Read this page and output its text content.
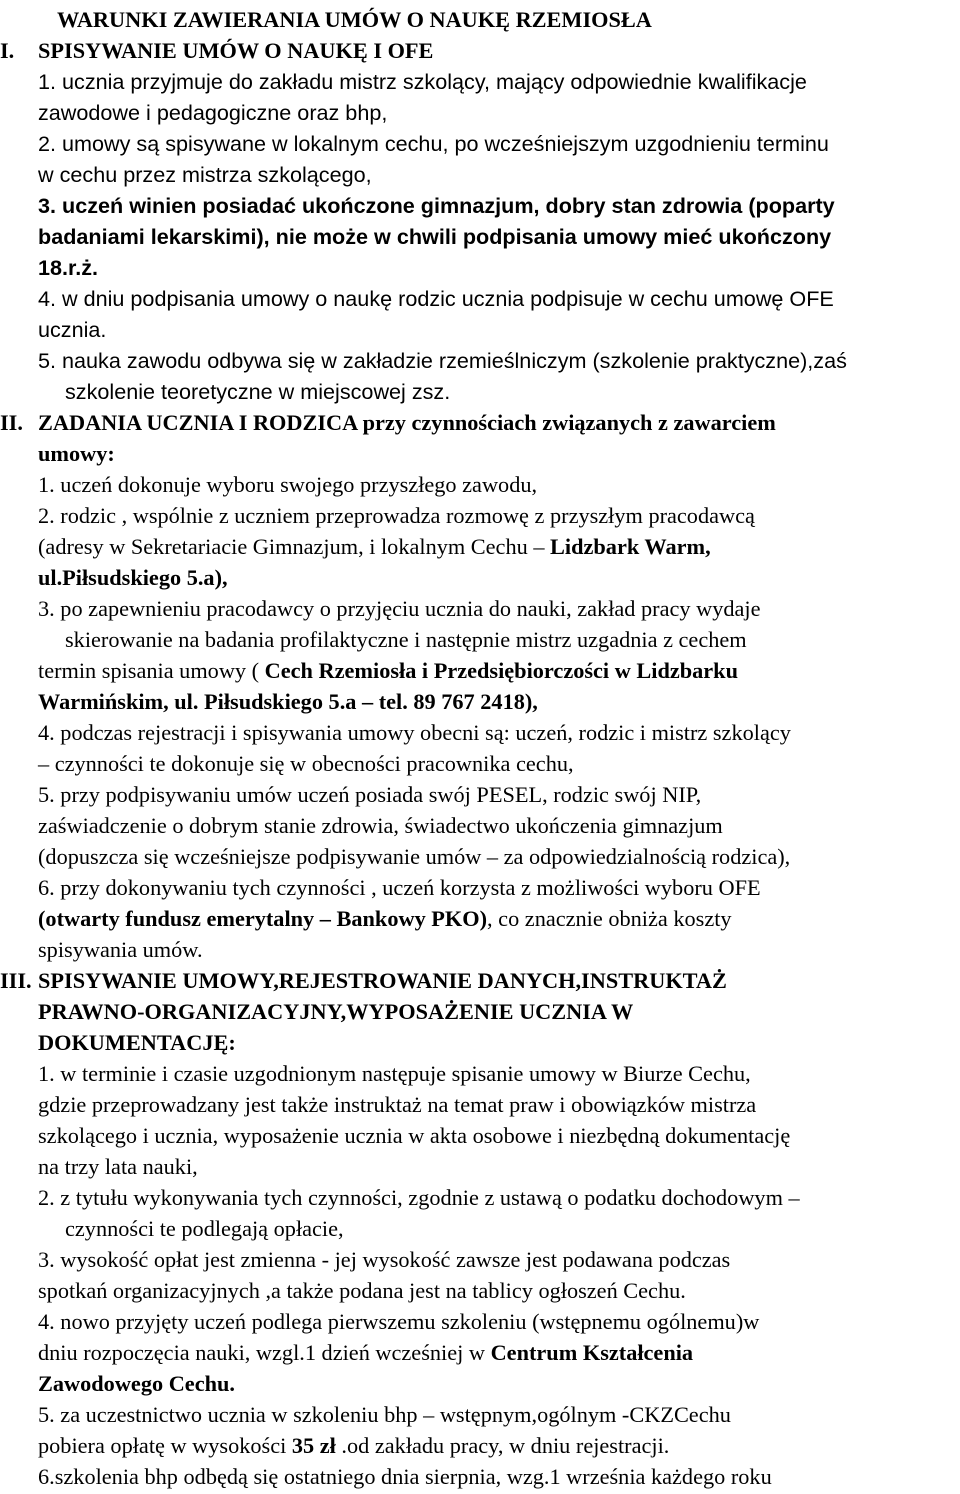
WARUNKI ZAWIERANIA UMÓW O NAUKĘ RZEMIOSŁA
I. SPISYWANIE UMÓW O NAUKĘ I OFE
1. ucznia przyjmuje do zakładu mistrz szkolący, mający odpowiednie kwalifikacje
zawodowe i pedagogiczne oraz bhp,
2. umowy są spisywane w lokalnym cechu, po wcześniejszym uzgodnieniu terminu
w cechu przez mistrza szkolącego,
3. uczeń winien posiadać ukończone gimnazjum, dobry stan zdrowia (poparty
badaniami lekarskimi), nie może w chwili podpisania umowy mieć ukończony
18.r.ż.
4. w dniu podpisania umowy o naukę rodzic ucznia podpisuje w cechu umowę OFE
ucznia.
5. nauka zawodu odbywa się w zakładzie rzemieślniczym (szkolenie praktyczne),zaś
szkolenie teoretyczne w miejscowej zsz.
II. ZADANIA UCZNIA I RODZICA przy czynnościach związanych z zawarciem
umowy:
1. uczeń dokonuje wyboru swojego przyszłego zawodu,
2. rodzic , wspólnie z uczniem przeprowadza rozmowę z przyszłym pracodawcą
(adresy w Sekretariacie Gimnazjum, i lokalnym Cechu – Lidzbark Warm,
ul.Piłsudskiego 5.a),
3. po zapewnieniu pracodawcy o przyjęciu ucznia do nauki, zakład pracy wydaje
skierowanie na badania profilaktyczne i następnie mistrz uzgadnia z cechem
termin spisania umowy ( Cech Rzemiosła i Przedsiębiorczości w Lidzbarku
Warmińskim, ul. Piłsudskiego 5.a – tel. 89 767 2418),
4. podczas rejestracji i spisywania umowy obecni są: uczeń, rodzic i mistrz szkolący
– czynności te dokonuje się w obecności pracownika cechu,
5. przy podpisywaniu umów uczeń posiada swój PESEL, rodzic swój NIP,
zaświadczenie o dobrym stanie zdrowia, świadectwo ukończenia gimnazjum
(dopuszcza się wcześniejsze podpisywanie umów – za odpowiedzialnością rodzica),
6. przy dokonywaniu tych czynności , uczeń korzysta z możliwości wyboru OFE
(otwarty fundusz emerytalny – Bankowy PKO), co znacznie obniża koszty
spisywania umów.
III. SPISYWANIE UMOWY,REJESTROWANIE DANYCH,INSTRUKTAŻ
PRAWNO-ORGANIZACYJNY,WYPOSAŻENIE UCZNIA W
DOKUMENTACJĘ:
1. w terminie i czasie uzgodnionym następuje spisanie umowy w Biurze Cechu,
gdzie przeprowadzany jest także instruktaż na temat praw i obowiązków mistrza
szkolącego i ucznia, wyposażenie ucznia w akta osobowe i niezbędną dokumentację
na trzy lata nauki,
2. z tytułu wykonywania tych czynności, zgodnie z ustawą o podatku dochodowym –
czynności te podlegają opłacie,
3. wysokość opłat jest zmienna - jej wysokość zawsze jest podawana podczas
spotkań organizacyjnych ,a także podana jest na tablicy ogłoszeń Cechu.
4. nowo przyjęty uczeń podlega pierwszemu szkoleniu (wstępnemu ogólnemu)w
dniu rozpoczęcia nauki, wzgl.1 dzień wcześniej w Centrum Kształcenia
Zawodowego Cechu.
5. za uczestnictwo ucznia w szkoleniu bhp – wstępnym,ogólnym -CKZCechu
pobiera opłatę w wysokości 35 zł .od zakładu pracy, w dniu rejestracji.
6.szkolenia bhp odbędą się ostatniego dnia sierpnia, wzg.1 września każdego roku
